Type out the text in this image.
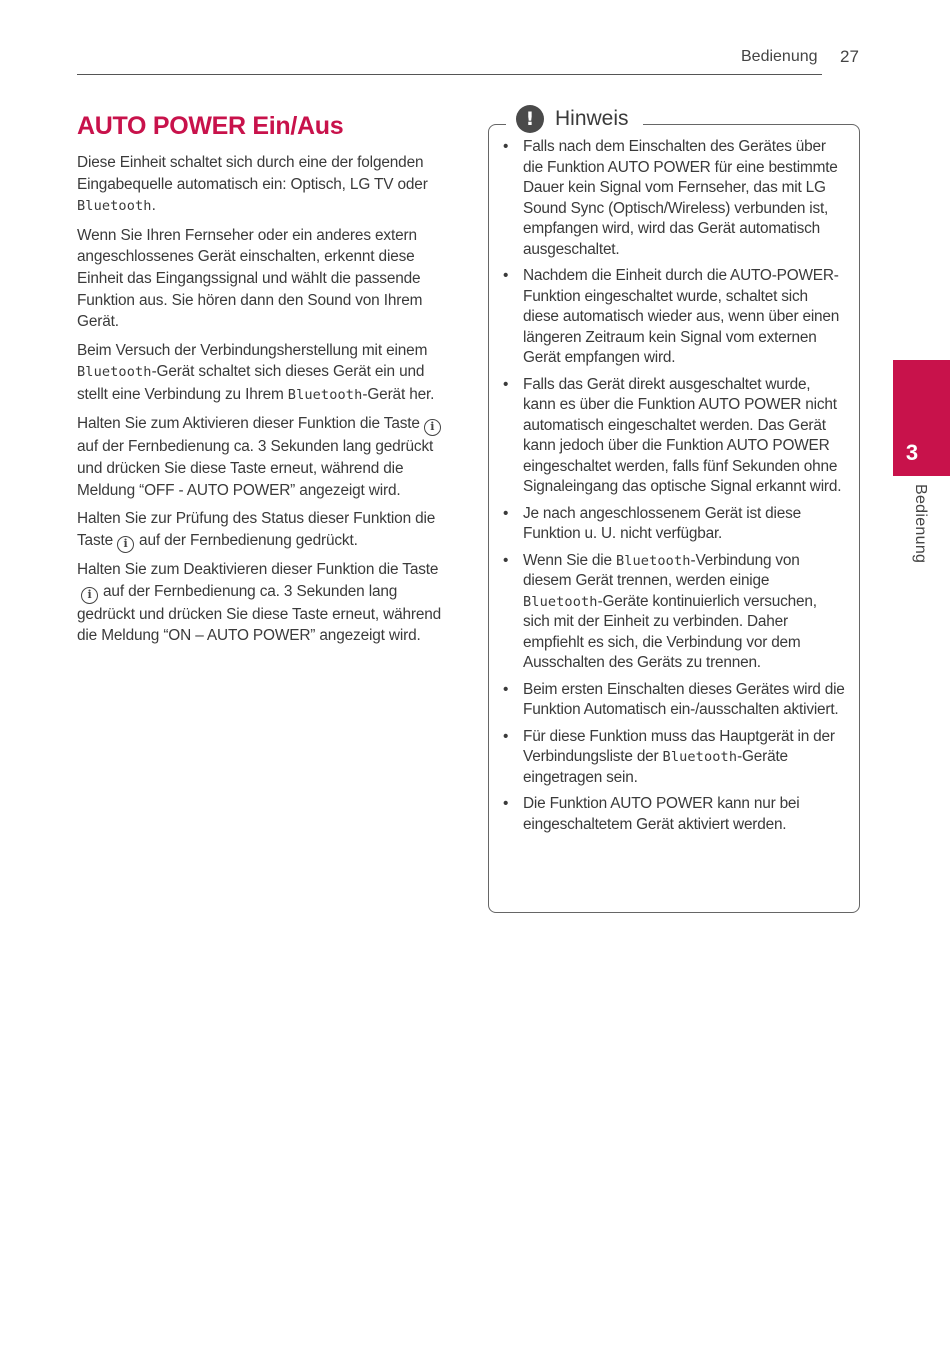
Bedienung 27
AUTO POWER Ein/Aus

Diese Einheit schaltet sich durch eine der folgenden Eingabequelle automatisch ein: Optisch, LG TV oder Bluetooth.

Wenn Sie Ihren Fernseher oder ein anderes extern angeschlossenes Gerät einschalten, erkennt diese Einheit das Eingangssignal und wählt die passende Funktion aus. Sie hören dann den Sound von Ihrem Gerät.

Beim Versuch der Verbindungsherstellung mit einem Bluetooth-Gerät schaltet sich dieses Gerät ein und stellt eine Verbindung zu Ihrem Bluetooth-Gerät her.

Halten Sie zum Aktivieren dieser Funktion die Taste iauf der Fernbedienung ca. 3 Sekunden lang gedrückt und drücken Sie diese Taste erneut, während die Meldung “OFF - AUTO POWER” angezeigt wird.

Halten Sie zur Prüfung des Status dieser Funktion die Taste i auf der Fernbedienung gedrückt.

Halten Sie zum Deaktivieren dieser Funktion die Tastei auf der Fernbedienung ca. 3 Sekunden lang gedrückt und drücken Sie diese Taste erneut, während die Meldung “ON – AUTO POWER” angezeigt wird.

! Hinweis
• Falls nach dem Einschalten des Gerätes über die Funktion AUTO POWER für eine bestimmte Dauer kein Signal vom Fernseher, das mit LG Sound Sync (Optisch/Wireless) verbunden ist, empfangen wird, wird das Gerät automatisch ausgeschaltet.
• Nachdem die Einheit durch die AUTO-POWER-Funktion eingeschaltet wurde, schaltet sich diese automatisch wieder aus, wenn über einen längeren Zeitraum kein Signal vom externen Gerät empfangen wird.
• Falls das Gerät direkt ausgeschaltet wurde, kann es über die Funktion AUTO POWER nicht automatisch eingeschaltet werden. Das Gerät kann jedoch über die Funktion AUTO POWER eingeschaltet werden, falls fünf Sekunden ohne Signaleingang das optische Signal erkannt wird.
• Je nach angeschlossenem Gerät ist diese Funktion u. U. nicht verfügbar.
• Wenn Sie die Bluetooth-Verbindung von diesem Gerät trennen, werden einige Bluetooth-Geräte kontinuierlich versuchen, sich mit der Einheit zu verbinden. Daher empfiehlt es sich, die Verbindung vor dem Ausschalten des Geräts zu trennen.
• Beim ersten Einschalten dieses Gerätes wird die Funktion Automatisch ein-/ausschalten aktiviert.
• Für diese Funktion muss das Hauptgerät in der Verbindungsliste der Bluetooth-Geräte eingetragen sein.
• Die Funktion AUTO POWER kann nur bei eingeschaltetem Gerät aktiviert werden.
3
Bedienung
